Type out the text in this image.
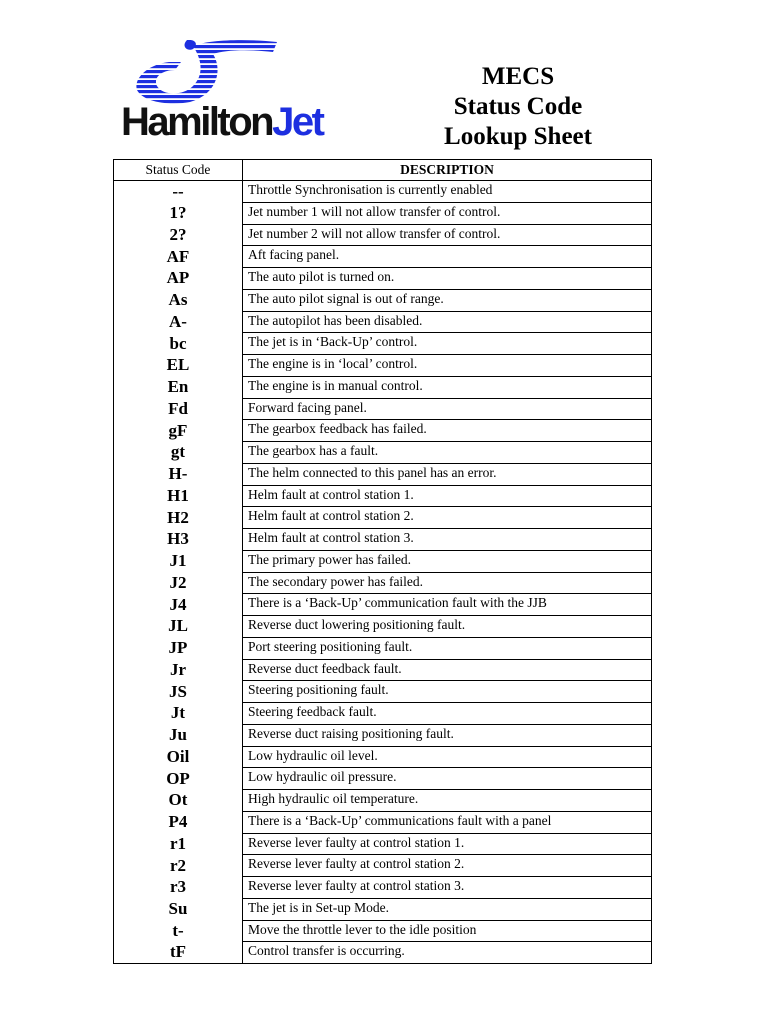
HamiltonJet
MECS
Status Code
Lookup Sheet
Status Code	DESCRIPTION
--	Throttle Synchronisation is currently enabled
1?	Jet number 1 will not allow transfer of control.
2?	Jet number 2 will not allow transfer of control.
AF	Aft facing panel.
AP	The auto pilot is turned on.
As	The auto pilot signal is out of range.
A-	The autopilot has been disabled.
bc	The jet is in ‘Back-Up’ control.
EL	The engine is in ‘local’ control.
En	The engine is in manual control.
Fd	Forward facing panel.
gF	The gearbox feedback has failed.
gt	The gearbox has a fault.
H-	The helm connected to this panel has an error.
H1	Helm fault at control station 1.
H2	Helm fault at control station 2.
H3	Helm fault at control station 3.
J1	The primary power has failed.
J2	The secondary power has failed.
J4	There is a ‘Back-Up’ communication fault with the JJB
JL	Reverse duct lowering positioning fault.
JP	Port steering positioning fault.
Jr	Reverse duct feedback fault.
JS	Steering positioning fault.
Jt	Steering feedback fault.
Ju	Reverse duct raising positioning fault.
Oil	Low hydraulic oil level.
OP	Low hydraulic oil pressure.
Ot	High hydraulic oil temperature.
P4	There is a ‘Back-Up’ communications fault with a panel
r1	Reverse lever faulty at control station 1.
r2	Reverse lever faulty at control station 2.
r3	Reverse lever faulty at control station 3.
Su	The jet is in Set-up Mode.
t-	Move the throttle lever to the idle position
tF	Control transfer is occurring.
